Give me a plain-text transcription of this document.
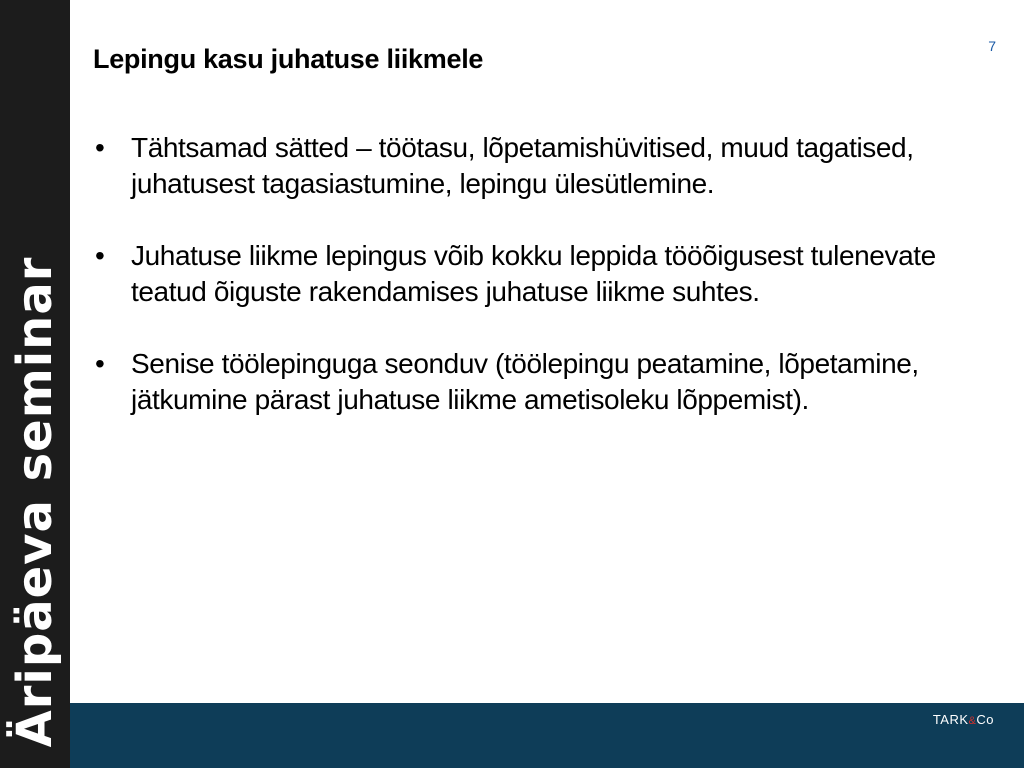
Äripäeva seminar
7
Lepingu kasu juhatuse liikmele
• Tähtsamad sätted – töötasu, lõpetamishüvitised, muud tagatised, juhatusest tagasiastumine, lepingu ülesütlemine.
• Juhatuse liikme lepingus võib kokku leppida tööõigusest tulenevate teatud õiguste rakendamises juhatuse liikme suhtes.
• Senise töölepinguga seonduv (töölepingu peatamine, lõpetamine, jätkumine pärast juhatuse liikme ametisoleku lõppemist).
TARK&Co
